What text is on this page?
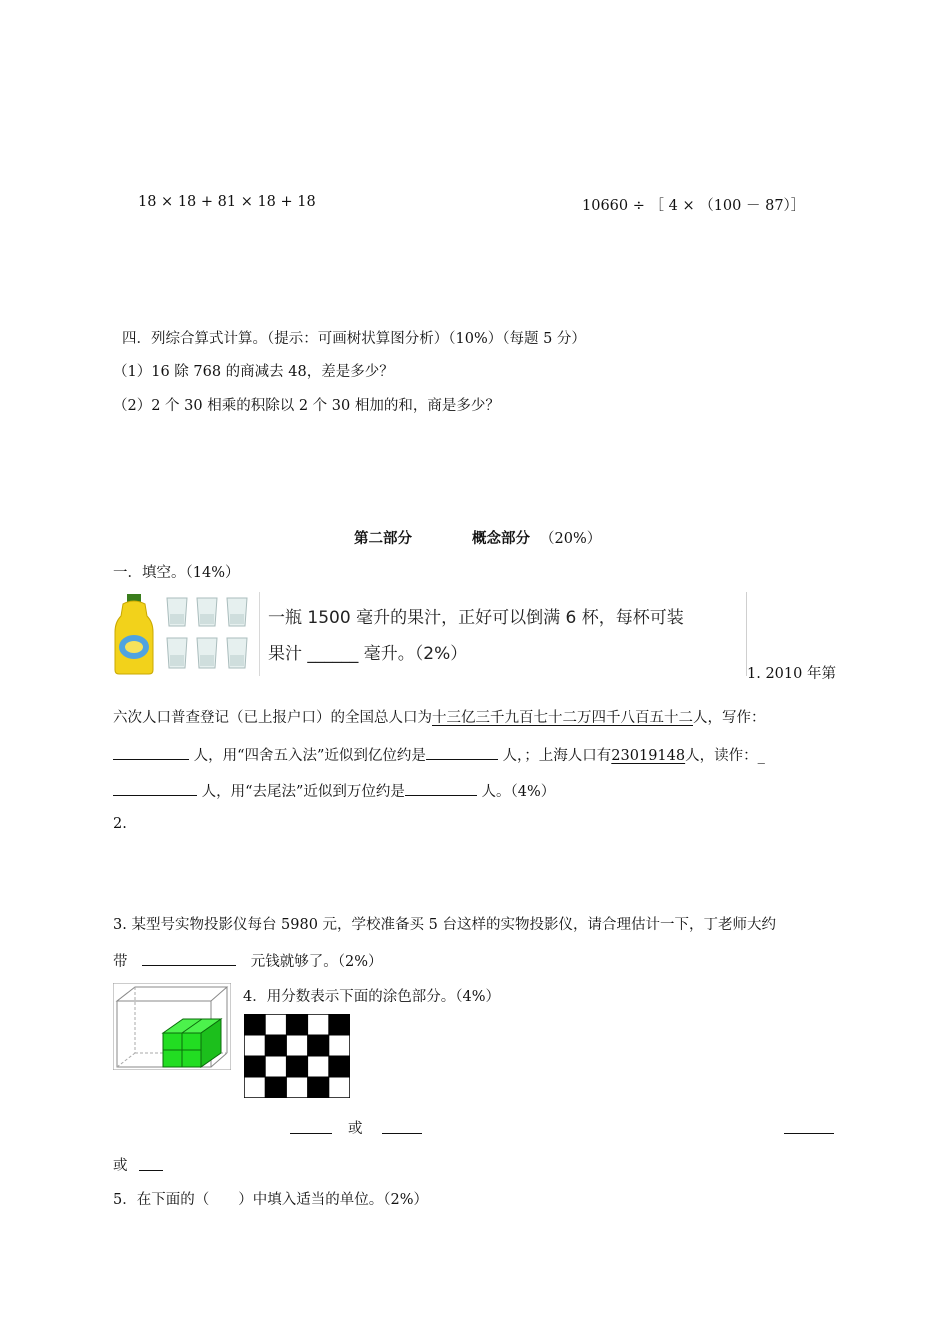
18 × 18 + 81 × 18 + 18	10660 ÷ ［ 4 × （100 － 87）］
四．列综合算式计算。（提示：可画树状算图分析）（10%）（每题 5 分）
（1）16 除 768 的商减去 48，差是多少？
（2）2 个 30 相乘的积除以 2 个 30 相加的和，商是多少？
第二部分	概念部分 （20%）
一．填空。（14%）
一瓶 1500 毫升的果汁，正好可以倒满 6 杯，每杯可装
果汁 ______ 毫升。（2%）
1. 2010 年第
六次人口普查登记（已上报户口）的全国总人口为十三亿三千九百七十二万四千八百五十二人，写作：
人，用“四舍五入法”近似到亿位约是	人，；上海人口有23019148人，读作：_
人，用“去尾法”近似到万位约是	人。（4%）
2.
3. 某型号实物投影仪每台 5980 元，学校准备买 5 台这样的实物投影仪，请合理估计一下，丁老师大约
带	元钱就够了。（2%）
4．用分数表示下面的涂色部分。（4%）
或
或
5．在下面的（　　）中填入适当的单位。（2%）
